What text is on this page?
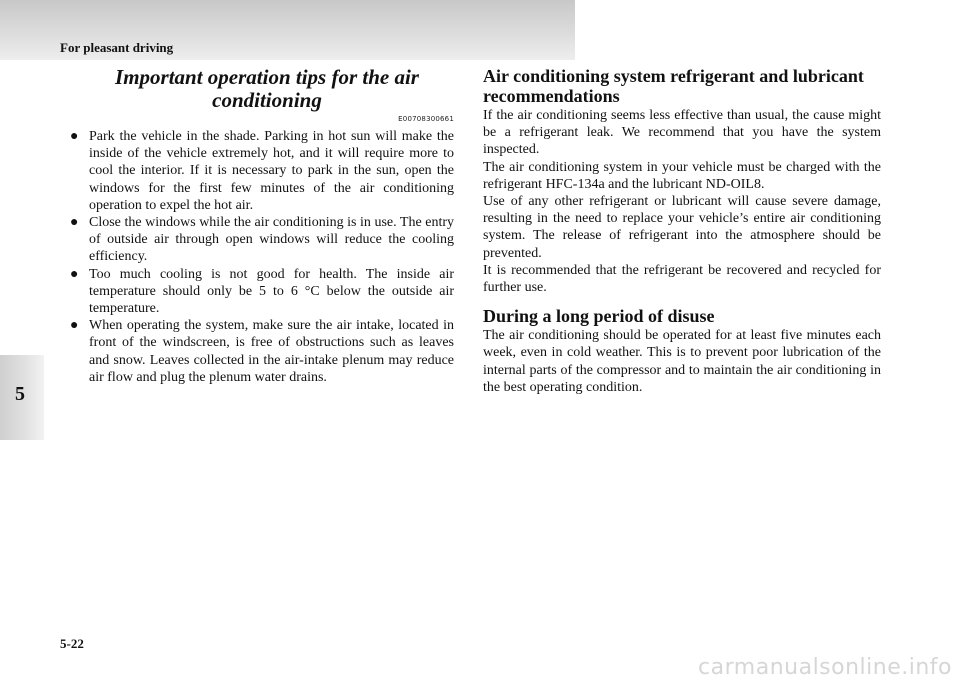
For pleasant driving
5
Important operation tips for the air conditioning
E00708300661
● Park the vehicle in the shade. Parking in hot sun will make the inside of the vehicle extremely hot, and it will require more to cool the interior. If it is necessary to park in the sun, open the windows for the first few minutes of the air conditioning operation to expel the hot air.
● Close the windows while the air conditioning is in use. The entry of outside air through open windows will reduce the cooling efficiency.
● Too much cooling is not good for health. The inside air temperature should only be 5 to 6 °C below the outside air temperature.
● When operating the system, make sure the air intake, located in front of the windscreen, is free of obstructions such as leaves and snow. Leaves collected in the air-intake plenum may reduce air flow and plug the plenum water drains.
Air conditioning system refrigerant and lubricant recommendations

If the air conditioning seems less effective than usual, the cause might be a refrigerant leak. We recommend that you have the system inspected.

The air conditioning system in your vehicle must be charged with the refrigerant HFC-134a and the lubricant ND-OIL8.

Use of any other refrigerant or lubricant will cause severe damage, resulting in the need to replace your vehicle’s entire air conditioning system. The release of refrigerant into the atmosphere should be prevented.

It is recommended that the refrigerant be recovered and recycled for further use.

During a long period of disuse

The air conditioning should be operated for at least five minutes each week, even in cold weather. This is to prevent poor lubrication of the internal parts of the compressor and to maintain the air conditioning in the best operating condition.

5-22
carmanualsonline.info
